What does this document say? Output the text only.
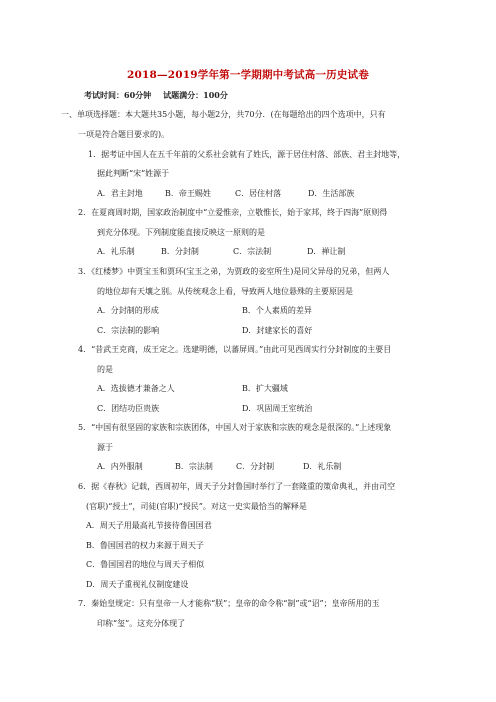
2018—2019学年第一学期期中考试高一历史试卷
考试时间：60分钟 试题满分：100分
一、单项选择题：本大题共35小题，每小题2分，共70分．(在每题给出的四个选项中，只有
一项是符合题目要求的)。
1．据考证中国人在五千年前的父系社会就有了姓氏，源于居住村落、部族、君主封地等，
据此判断“宋”姓源于
A．君主封地	B．帝王赐姓	C．居住村落	D．生活部族
2．在夏商周时期，国家政治制度中“立爱惟亲，立敬惟长，始于家邦，终于四海”原则得
到充分体现。下列制度能直接反映这一原则的是
A．礼乐制	B．分封制	C．宗法制	D．禅让制
3．《红楼梦》中贾宝玉和贾环(宝玉之弟，为贾政的妾室所生)是同父异母的兄弟，但两人
的地位却有天壤之别。从传统观念上看，导致两人地位悬殊的主要原因是
A．分封制的形成	B．个人素质的差异
C．宗法制的影响	D．封建家长的喜好
4．“昔武王克商，成王定之。选建明德，以蕃屏周。”由此可见西周实行分封制度的主要目
的是
A．选拔德才兼备之人	B．扩大疆域
C．团结功臣贵族	D．巩固周王室统治
5．“中国有很坚固的家族和宗族团体，中国人对于家族和宗族的观念是很深的。”上述现象
源于
A．内外服制	B．宗法制	C．分封制	D．礼乐制
6．据《春秋》记载，西周初年，周天子分封鲁国时举行了一套隆重的策命典礼，并由司空
(官职)“授土”，司徒(官职)“授民”。对这一史实最恰当的解释是
A．周天子用最高礼节接待鲁国国君
B．鲁国国君的权力来源于周天子
C．鲁国国君的地位与周天子相似
D．周天子重视礼仪制度建设
7．秦始皇规定：只有皇帝一人才能称“朕”；皇帝的命令称“制”或“诏”；皇帝所用的玉
印称“玺”。这充分体现了
